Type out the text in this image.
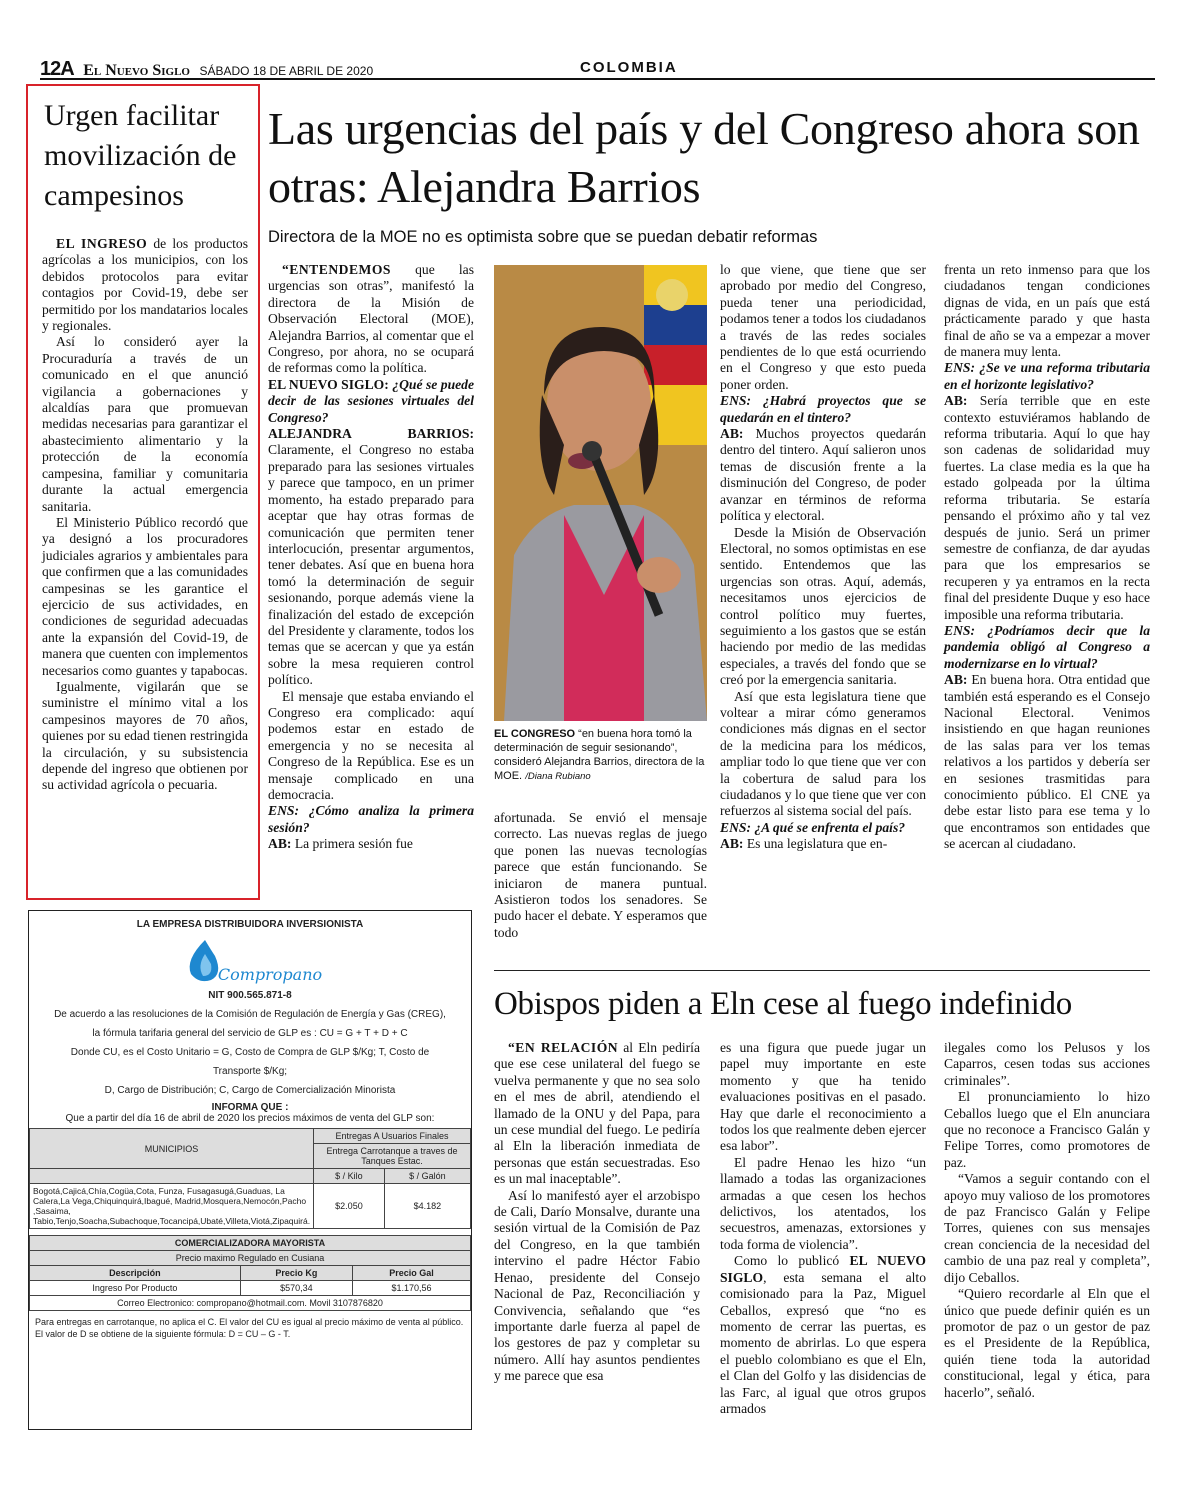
12A El Nuevo Siglo SÁBADO 18 DE ABRIL DE 2020	COLOMBIA
Urgen facilitar movilización de campesinos

EL INGRESO de los productos agrícolas a los municipios, con los debidos protocolos para evitar contagios por Covid-19, debe ser permitido por los mandatarios locales y regionales.

Así lo consideró ayer la Procuraduría a través de un comunicado en el que anunció vigilancia a gobernaciones y alcaldías para que promuevan medidas necesarias para garantizar el abastecimiento alimentario y la protección de la economía campesina, familiar y comunitaria durante la actual emergencia sanitaria.

El Ministerio Público recordó que ya designó a los procuradores judiciales agrarios y ambientales para que confirmen que a las comunidades campesinas se les garantice el ejercicio de sus actividades, en condiciones de seguridad adecuadas ante la expansión del Covid-19, de manera que cuenten con implementos necesarios como guantes y tapabocas.

Igualmente, vigilarán que se suministre el mínimo vital a los campesinos mayores de 70 años, quienes por su edad tienen restringida la circulación, y su subsistencia depende del ingreso que obtienen por su actividad agrícola o pecuaria.

Las urgencias del país y del Congreso ahora son otras: Alejandra Barrios
Directora de la MOE no es optimista sobre que se puedan debatir reformas

“ENTENDEMOS que las urgencias son otras”, manifestó la directora de la Misión de Observación Electoral (MOE), Alejandra Barrios, al comentar que el Congreso, por ahora, no se ocupará de reformas como la política.

EL NUEVO SIGLO: ¿Qué se puede decir de las sesiones virtuales del Congreso?
ALEJANDRA BARRIOS: Claramente, el Congreso no estaba preparado para las sesiones virtuales y parece que tampoco, en un primer momento, ha estado preparado para aceptar que hay otras formas de comunicación que permiten tener interlocución, presentar argumentos, tener debates. Así que en buena hora tomó la determinación de seguir sesionando, porque además viene la finalización del estado de excepción del Presidente y claramente, todos los temas que se acercan y que ya están sobre la mesa requieren control político.

El mensaje que estaba enviando el Congreso era complicado: aquí podemos estar en estado de emergencia y no se necesita al Congreso de la República. Ese es un mensaje complicado en una democracia.

ENS: ¿Cómo analiza la primera sesión?
AB: La primera sesión fue
EL CONGRESO “en buena hora tomó la determinación de seguir sesionando”, consideró Alejandra Barrios, directora de la MOE. /Diana Rubiano

afortunada. Se envió el mensaje correcto. Las nuevas reglas de juego que ponen las nuevas tecnologías parece que están funcionando. Se iniciaron de manera puntual. Asistieron todos los senadores. Se pudo hacer el debate. Y esperamos que todo

lo que viene, que tiene que ser aprobado por medio del Congreso, pueda tener una periodicidad, podamos tener a todos los ciudadanos a través de las redes sociales pendientes de lo que está ocurriendo en el Congreso y que esto pueda poner orden.

ENS: ¿Habrá proyectos que se quedarán en el tintero?
AB: Muchos proyectos quedarán dentro del tintero. Aquí salieron unos temas de discusión frente a la disminución del Congreso, de poder avanzar en términos de reforma política y electoral.

Desde la Misión de Observación Electoral, no somos optimistas en ese sentido. Entendemos que las urgencias son otras. Aquí, además, necesitamos unos ejercicios de control político muy fuertes, seguimiento a los gastos que se están haciendo por medio de las medidas especiales, a través del fondo que se creó por la emergencia sanitaria.

Así que esta legislatura tiene que voltear a mirar cómo generamos condiciones más dignas en el sector de la medicina para los médicos, ampliar todo lo que tiene que ver con la cobertura de salud para los ciudadanos y lo que tiene que ver con refuerzos al sistema social del país.

ENS: ¿A qué se enfrenta el país?
AB: Es una legislatura que en-

frenta un reto inmenso para que los ciudadanos tengan condiciones dignas de vida, en un país que está prácticamente parado y que hasta final de año se va a empezar a mover de manera muy lenta.

ENS: ¿Se ve una reforma tributaria en el horizonte legislativo?
AB: Sería terrible que en este contexto estuviéramos hablando de reforma tributaria. Aquí lo que hay son cadenas de solidaridad muy fuertes. La clase media es la que ha estado golpeada por la última reforma tributaria. Se estaría pensando el próximo año y tal vez después de junio. Será un primer semestre de confianza, de dar ayudas para que los empresarios se recuperen y ya entramos en la recta final del presidente Duque y eso hace imposible una reforma tributaria.
ENS: ¿Podríamos decir que la pandemia obligó al Congreso a modernizarse en lo virtual?
AB: En buena hora. Otra entidad que también está esperando es el Consejo Nacional Electoral. Venimos insistiendo en que hagan reuniones de las salas para ver los temas relativos a los partidos y debería ser en sesiones trasmitidas para conocimiento público. El CNE ya debe estar listo para ese tema y lo que encontramos son entidades que se acercan al ciudadano.
Obispos piden a Eln cese al fuego indefinido

“EN RELACIÓN al Eln pediría que ese cese unilateral del fuego se vuelva permanente y que no sea solo en el mes de abril, atendiendo el llamado de la ONU y del Papa, para un cese mundial del fuego. Le pediría al Eln la liberación inmediata de personas que están secuestradas. Eso es un mal inaceptable”.

Así lo manifestó ayer el arzobispo de Cali, Darío Monsalve, durante una sesión virtual de la Comisión de Paz del Congreso, en la que también intervino el padre Héctor Fabio Henao, presidente del Consejo Nacional de Paz, Reconciliación y Convivencia, señalando que “es importante darle fuerza al papel de los gestores de paz y completar su número. Allí hay asuntos pendientes y me parece que esa

es una figura que puede jugar un papel muy importante en este momento y que ha tenido evaluaciones positivas en el pasado. Hay que darle el reconocimiento a todos los que realmente deben ejercer esa labor”.

El padre Henao les hizo “un llamado a todas las organizaciones armadas a que cesen los hechos delictivos, los atentados, los secuestros, amenazas, extorsiones y toda forma de violencia”.

Como lo publicó EL NUEVO SIGLO, esta semana el alto comisionado para la Paz, Miguel Ceballos, expresó que “no es momento de cerrar las puertas, es momento de abrirlas. Lo que espera el pueblo colombiano es que el Eln, el Clan del Golfo y las disidencias de las Farc, al igual que otros grupos armados

ilegales como los Pelusos y los Caparros, cesen todas sus acciones criminales”.

El pronunciamiento lo hizo Ceballos luego que el Eln anunciara que no reconoce a Francisco Galán y Felipe Torres, como promotores de paz.

“Vamos a seguir contando con el apoyo muy valioso de los promotores de paz Francisco Galán y Felipe Torres, quienes con sus mensajes crean conciencia de la necesidad del cambio de una paz real y completa”, dijo Ceballos.

“Quiero recordarle al Eln que el único que puede definir quién es un promotor de paz o un gestor de paz es el Presidente de la República, quién tiene toda la autoridad constitucional, legal y ética, para hacerlo”, señaló.

LA EMPRESA DISTRIBUIDORA INVERSIONISTA
Compropano
NIT 900.565.871-8
De acuerdo a las resoluciones de la Comisión de Regulación de Energía y Gas (CREG),
la fórmula tarifaria general del servicio de GLP es : CU = G + T + D + C
Donde CU, es el Costo Unitario = G, Costo de Compra de GLP $/Kg; T, Costo de
Transporte $/Kg;
D, Cargo de Distribución; C, Cargo de Comercialización Minorista
INFORMA QUE :
Que a partir del día 16 de abril de 2020 los precios máximos de venta del GLP son:
MUNICIPIOS	Entregas A Usuarios Finales	
	Entrega Carrotanque a traves de Tanques Estac.	
	$ / Kilo	$ / Galón
Bogotá,Cajicá,Chía,Cogüa,Cota, Funza, Fusagasugá,Guaduas, La Calera,La Vega,Chiquinquirá,Ibagué, Madrid,Mosquera,Nemocón,Pacho ,Sasaima, Tabio,Tenjo,Soacha,Subachoque,Tocancipá,Ubaté,Villeta,Viotá,Zipaquirá.	$2.050	$4.182
COMERCIALIZADORA MAYORISTA		
Precio maximo Regulado en Cusiana		
Descripción	Precio Kg	Precio Gal
Ingreso Por Producto	$570,34	$1.170,56
Correo Electronico: compropano@hotmail.com. Movil 3107876820		
Para entregas en carrotanque, no aplica el C. El valor del CU es igual al precio máximo de venta al público.
El valor de D se obtiene de la siguiente fórmula: D = CU – G - T.
